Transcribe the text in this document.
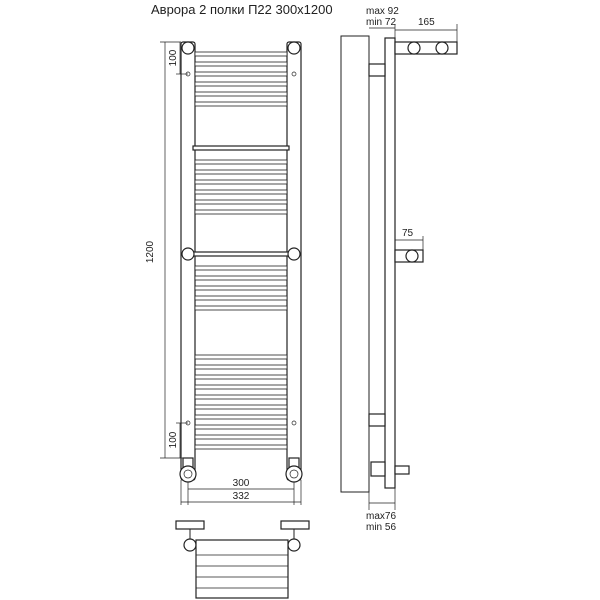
Аврора 2 полки П22 300х1200
1200
100
100
300
332
max 92
min 72 165
75
max76
min 56
